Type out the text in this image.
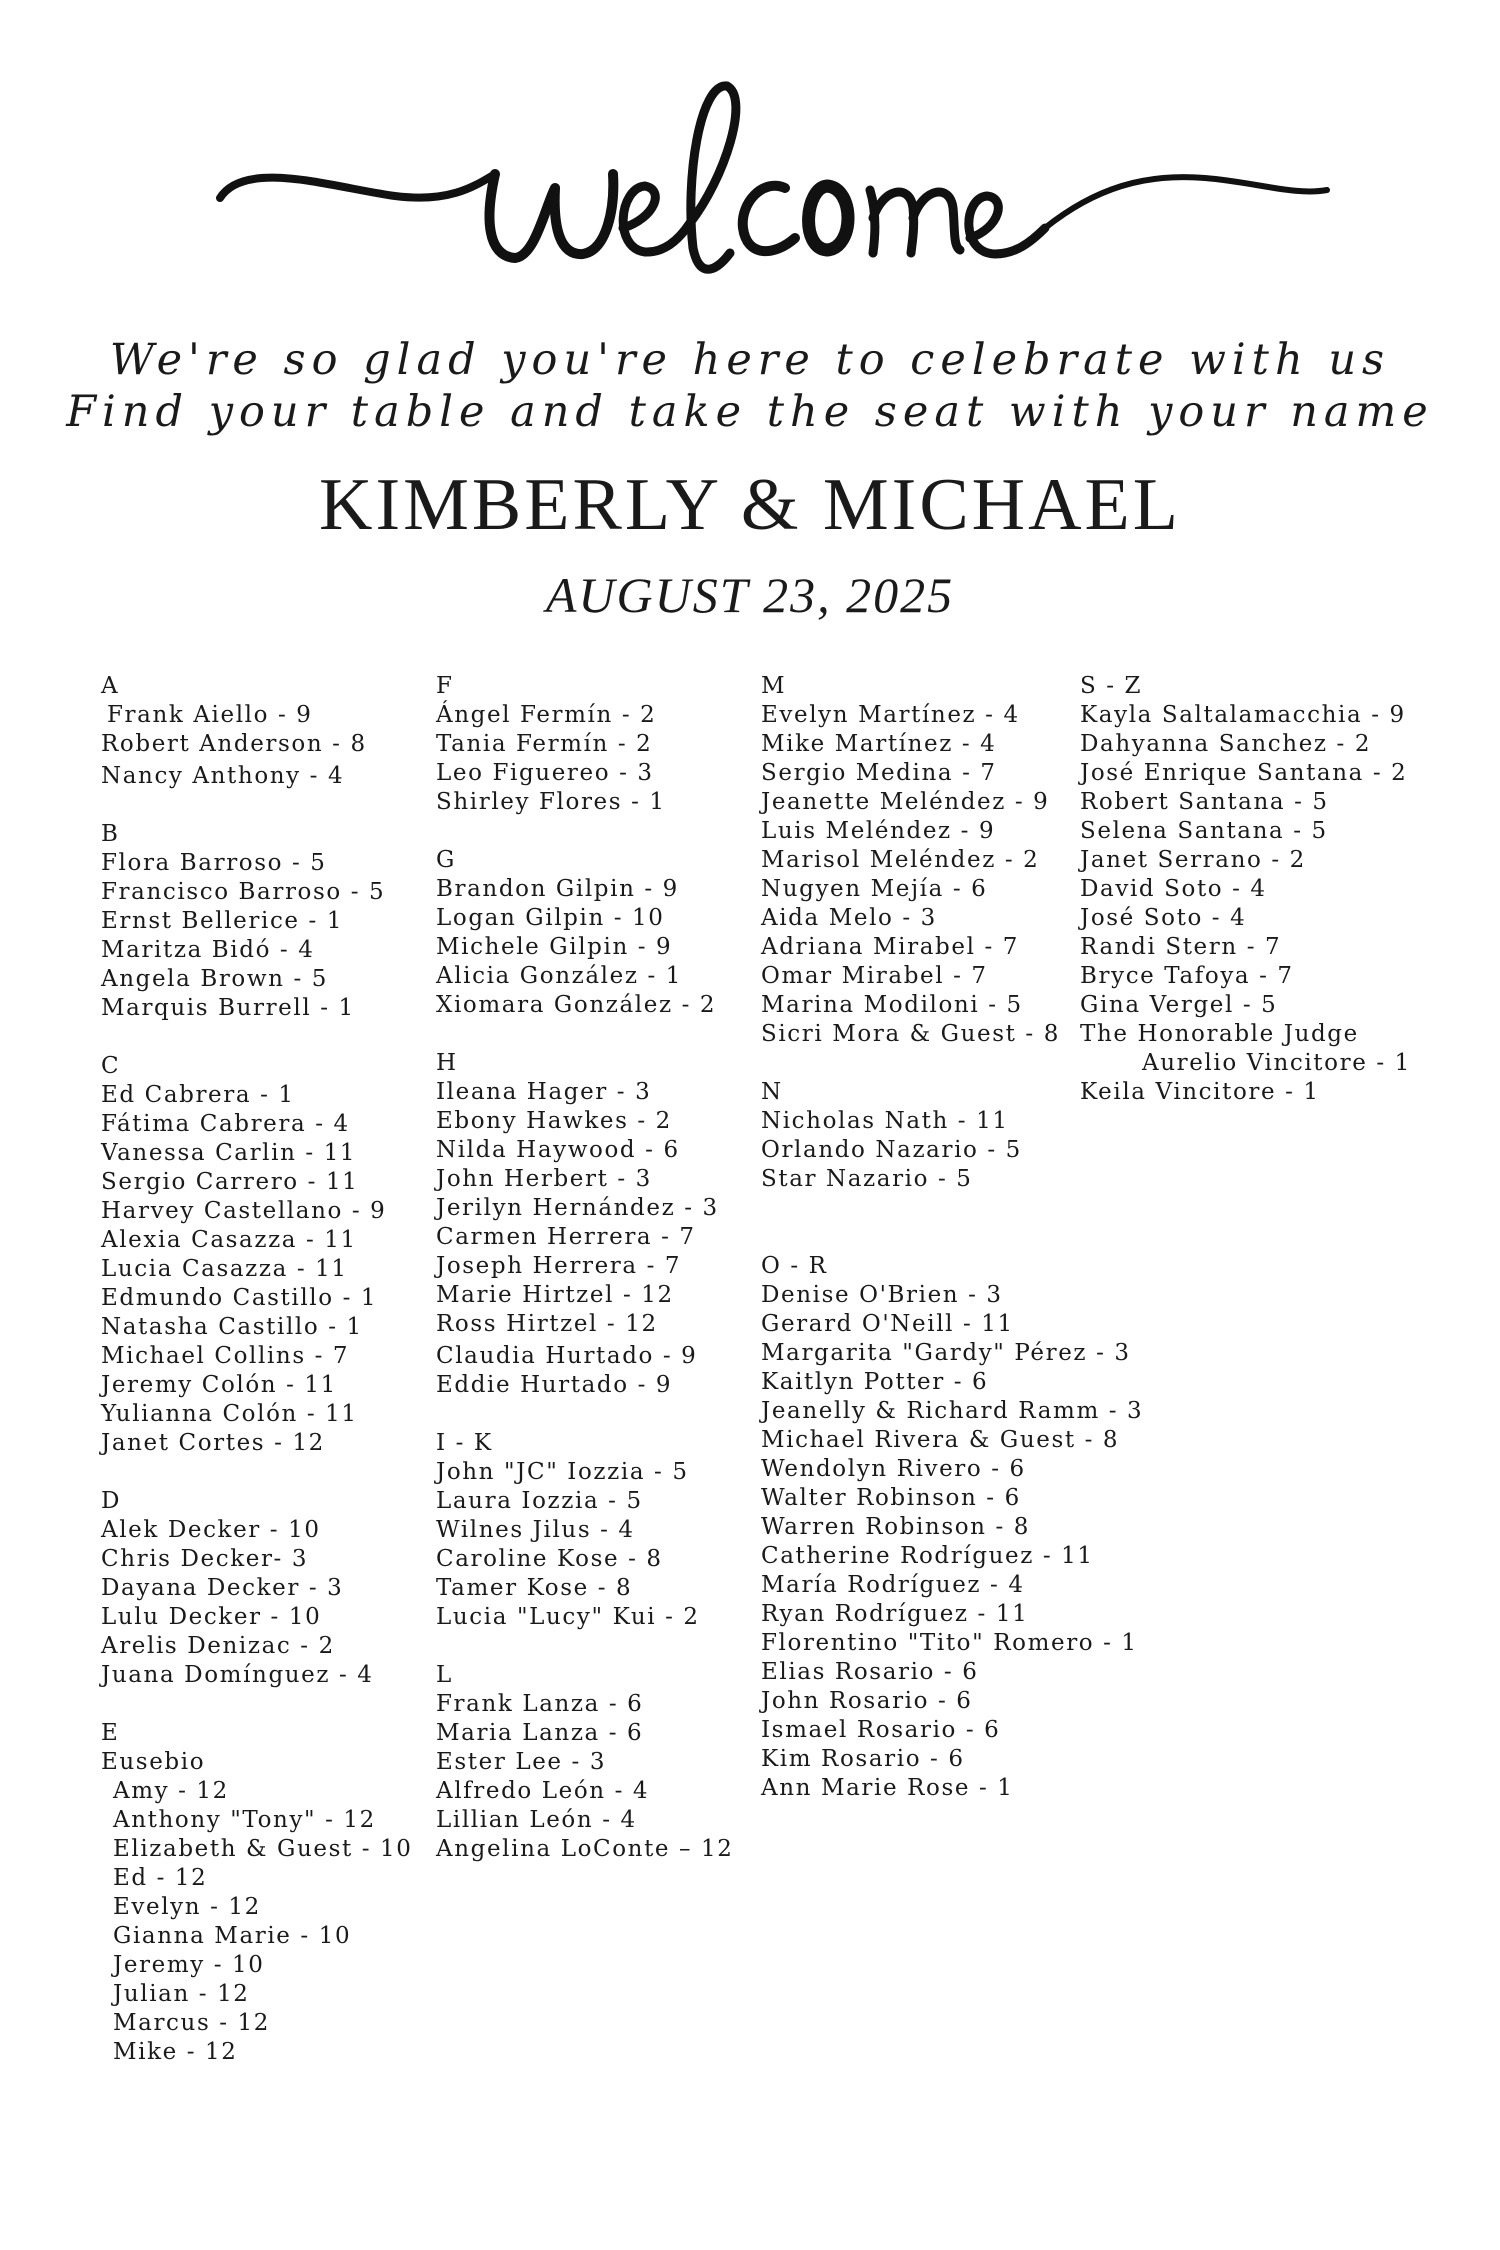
welcome
We're so glad you're here to celebrate with us
Find your table and take the seat with your name
KIMBERLY & MICHAEL
AUGUST 23, 2025
A
Frank Aiello - 9
Robert Anderson - 8
Nancy Anthony - 4
B
Flora Barroso - 5
Francisco Barroso - 5
Ernst Bellerice - 1
Maritza Bidó - 4
Angela Brown - 5
Marquis Burrell - 1
C
Ed Cabrera - 1
Fátima Cabrera - 4
Vanessa Carlin - 11
Sergio Carrero - 11
Harvey Castellano - 9
Alexia Casazza - 11
Lucia Casazza - 11
Edmundo Castillo - 1
Natasha Castillo - 1
Michael Collins - 7
Jeremy Colón - 11
Yulianna Colón - 11
Janet Cortes - 12
D
Alek Decker - 10
Chris Decker- 3
Dayana Decker - 3
Lulu Decker - 10
Arelis Denizac - 2
Juana Domínguez - 4
E
Eusebio
Amy - 12
Anthony "Tony" - 12
Elizabeth & Guest - 10
Ed - 12
Evelyn - 12
Gianna Marie - 10
Jeremy - 10
Julian - 12
Marcus - 12
Mike - 12
F
Ángel Fermín - 2
Tania Fermín - 2
Leo Figuereo - 3
Shirley Flores - 1
G
Brandon Gilpin - 9
Logan Gilpin - 10
Michele Gilpin - 9
Alicia González - 1
Xiomara González - 2
H
Ileana Hager - 3
Ebony Hawkes - 2
Nilda Haywood - 6
John Herbert - 3
Jerilyn Hernández - 3
Carmen Herrera - 7
Joseph Herrera - 7
Marie Hirtzel - 12
Ross Hirtzel - 12
Claudia Hurtado - 9
Eddie Hurtado - 9
I - K
John "JC" Iozzia - 5
Laura Iozzia - 5
Wilnes Jilus - 4
Caroline Kose - 8
Tamer Kose - 8
Lucia "Lucy" Kui - 2
L
Frank Lanza - 6
Maria Lanza - 6
Ester Lee - 3
Alfredo León - 4
Lillian León - 4
Angelina LoConte – 12
M
Evelyn Martínez - 4
Mike Martínez - 4
Sergio Medina - 7
Jeanette Meléndez - 9
Luis Meléndez - 9
Marisol Meléndez - 2
Nugyen Mejía - 6
Aida Melo - 3
Adriana Mirabel - 7
Omar Mirabel - 7
Marina Modiloni - 5
Sicri Mora & Guest - 8
N
Nicholas Nath - 11
Orlando Nazario - 5
Star Nazario - 5
O - R
Denise O'Brien - 3
Gerard O'Neill - 11
Margarita "Gardy" Pérez - 3
Kaitlyn Potter - 6
Jeanelly & Richard Ramm - 3
Michael Rivera & Guest - 8
Wendolyn Rivero - 6
Walter Robinson - 6
Warren Robinson - 8
Catherine Rodríguez - 11
María Rodríguez - 4
Ryan Rodríguez - 11
Florentino "Tito" Romero - 1
Elias Rosario - 6
John Rosario - 6
Ismael Rosario - 6
Kim Rosario - 6
Ann Marie Rose - 1
S - Z
Kayla Saltalamacchia - 9
Dahyanna Sanchez - 2
José Enrique Santana - 2
Robert Santana - 5
Selena Santana - 5
Janet Serrano - 2
David Soto - 4
José Soto - 4
Randi Stern - 7
Bryce Tafoya - 7
Gina Vergel - 5
The Honorable Judge
Aurelio Vincitore - 1
Keila Vincitore - 1
